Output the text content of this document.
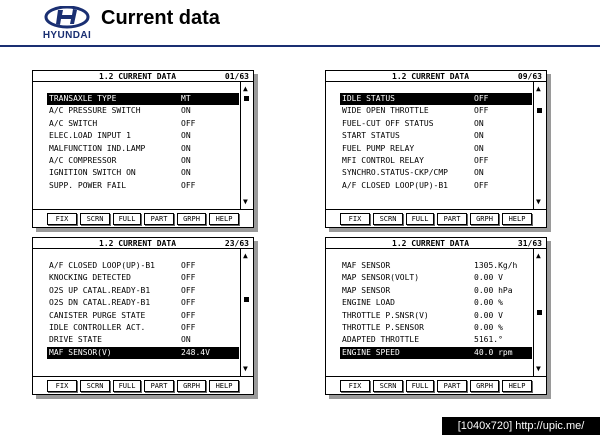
HYUNDAI
Current data
1.2 CURRENT DATA	01/63
▲
▼
TRANSAXLE TYPE	MT
A/C PRESSURE SWITCH	ON
A/C SWITCH	OFF
ELEC.LOAD INPUT 1	ON
MALFUNCTION IND.LAMP	ON
A/C COMPRESSOR	ON
IGNITION SWITCH ON	ON
SUPP. POWER FAIL	OFF
FIX	SCRN	FULL	PART	GRPH	HELP
1.2 CURRENT DATA	09/63
▲
▼
IDLE STATUS	OFF
WIDE OPEN THROTTLE	OFF
FUEL-CUT OFF STATUS	ON
START STATUS	ON
FUEL PUMP RELAY	ON
MFI CONTROL RELAY	OFF
SYNCHRO.STATUS-CKP/CMP	ON
A/F CLOSED LOOP(UP)-B1	OFF
FIX	SCRN	FULL	PART	GRPH	HELP
1.2 CURRENT DATA	23/63
▲
▼
A/F CLOSED LOOP(UP)-B1	OFF
KNOCKING DETECTED	OFF
O2S UP CATAL.READY-B1	OFF
O2S DN CATAL.READY-B1	OFF
CANISTER PURGE STATE	OFF
IDLE CONTROLLER ACT.	OFF
DRIVE STATE	ON
MAF SENSOR(V)	248.4V
FIX	SCRN	FULL	PART	GRPH	HELP
1.2 CURRENT DATA	31/63
▲
▼
MAF SENSOR	1305.Kg/h
MAP SENSOR(VOLT)	0.00 V
MAP SENSOR	0.00 hPa
ENGINE LOAD	0.00 %
THROTTLE P.SNSR(V)	0.00 V
THROTTLE P.SENSOR	0.00 %
ADAPTED THROTTLE	5161.°
ENGINE SPEED	40.0 rpm
FIX	SCRN	FULL	PART	GRPH	HELP
[1040x720] http://upic.me/
